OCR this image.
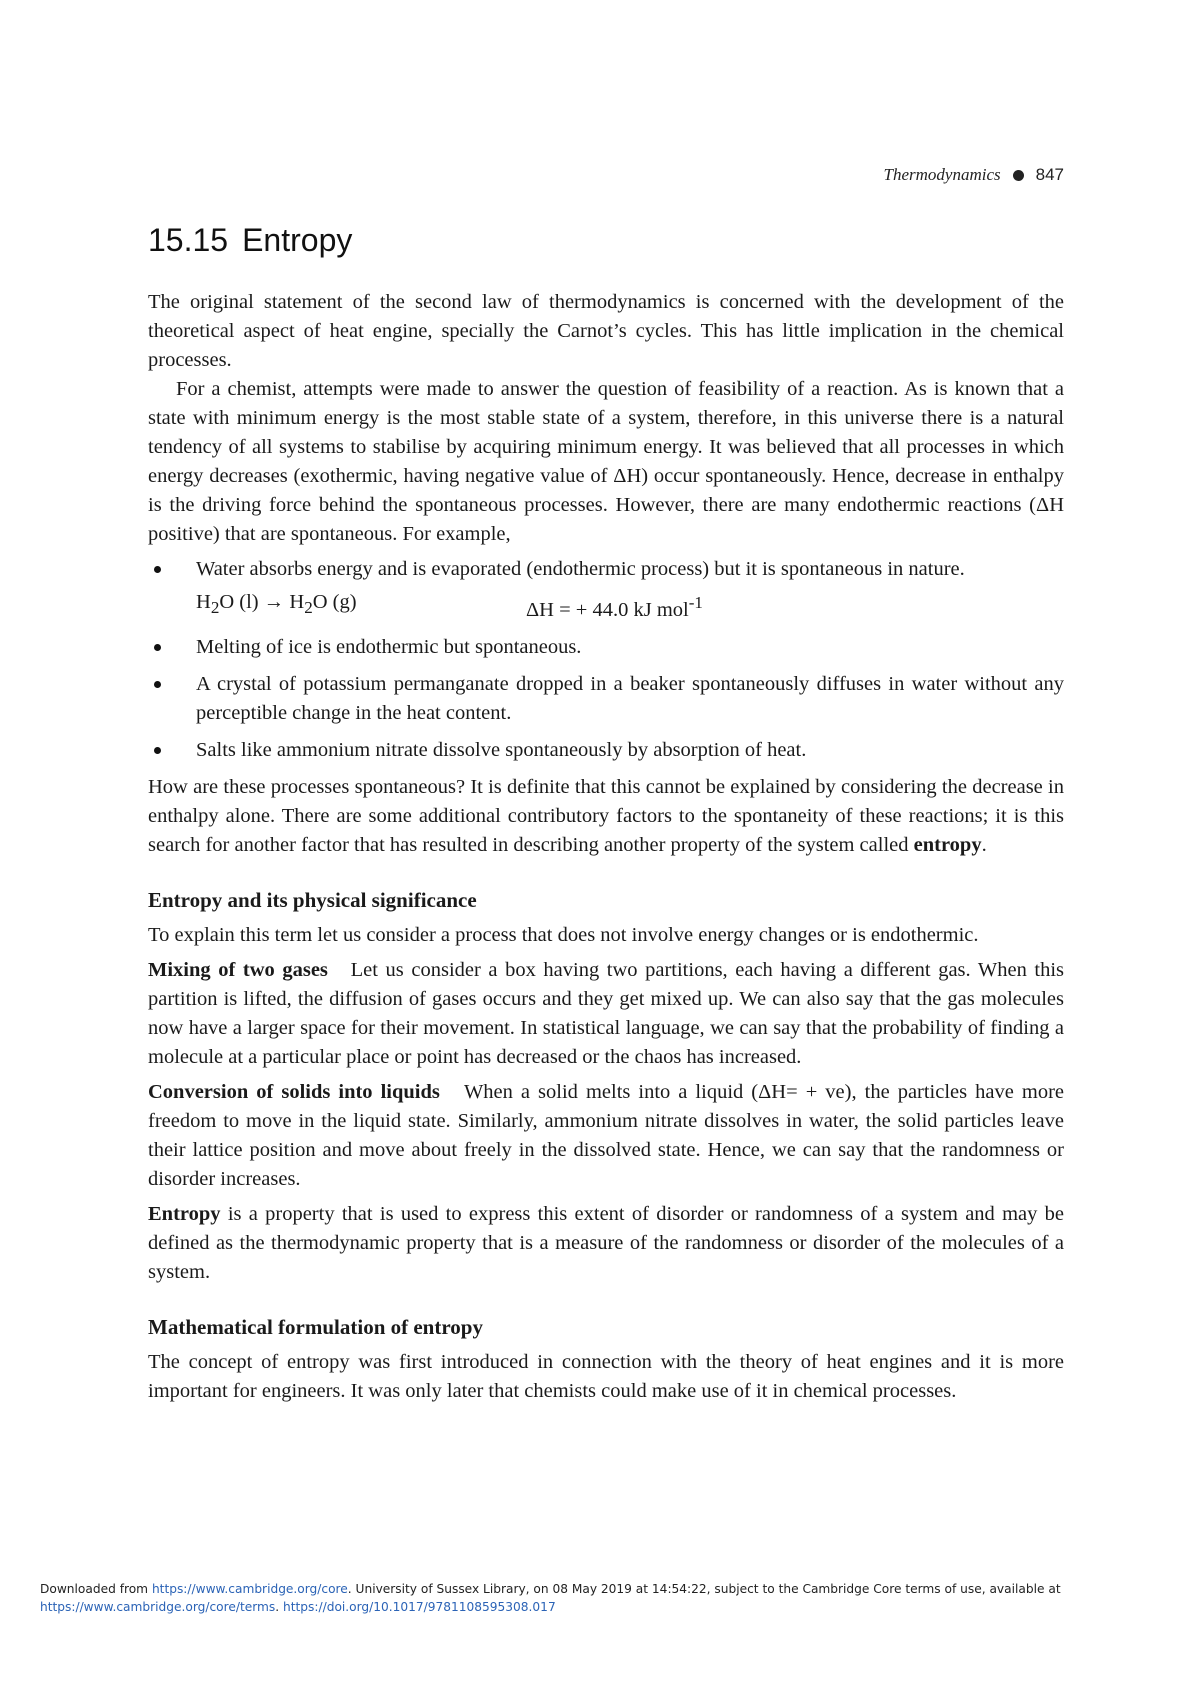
Thermodynamics 847
15.15 Entropy

The original statement of the second law of thermodynamics is concerned with the development of the theoretical aspect of heat engine, specially the Carnot’s cycles. This has little implication in the chemical processes.

For a chemist, attempts were made to answer the question of feasibility of a reaction. As is known that a state with minimum energy is the most stable state of a system, therefore, in this universe there is a natural tendency of all systems to stabilise by acquiring minimum energy. It was believed that all processes in which energy decreases (exothermic, having negative value of ΔH) occur spontaneously. Hence, decrease in enthalpy is the driving force behind the spontaneous processes. However, there are many endothermic reactions (ΔH positive) that are spontaneous. For example,

Water absorbs energy and is evaporated (endothermic process) but it is spontaneous in nature.
$H_2O$ $(l) \to H_2O$ (g)	ΔH = + 44.0 kJ mol$^{-1}$
Melting of ice is endothermic but spontaneous.
A crystal of potassium permanganate dropped in a beaker spontaneously diffuses in water without any perceptible change in the heat content.
Salts like ammonium nitrate dissolve spontaneously by absorption of heat.

How are these processes spontaneous? It is definite that this cannot be explained by considering the decrease in enthalpy alone. There are some additional contributory factors to the spontaneity of these reactions; it is this search for another factor that has resulted in describing another property of the system called entropy.

Entropy and its physical significance

To explain this term let us consider a process that does not involve energy changes or is endothermic.

Mixing of two gases Let us consider a box having two partitions, each having a different gas. When this partition is lifted, the diffusion of gases occurs and they get mixed up. We can also say that the gas molecules now have a larger space for their movement. In statistical language, we can say that the probability of finding a molecule at a particular place or point has decreased or the chaos has increased.

Conversion of solids into liquids When a solid melts into a liquid (ΔH= + ve), the particles have more freedom to move in the liquid state. Similarly, ammonium nitrate dissolves in water, the solid particles leave their lattice position and move about freely in the dissolved state. Hence, we can say that the randomness or disorder increases.

Entropy is a property that is used to express this extent of disorder or randomness of a system and may be defined as the thermodynamic property that is a measure of the randomness or disorder of the molecules of a system.

Mathematical formulation of entropy

The concept of entropy was first introduced in connection with the theory of heat engines and it is more important for engineers. It was only later that chemists could make use of it in chemical processes.

Downloaded from https://www.cambridge.org/core. University of Sussex Library, on 08 May 2019 at 14:54:22, subject to the Cambridge Core terms of use, available at
https://www.cambridge.org/core/terms. https://doi.org/10.1017/9781108595308.017
